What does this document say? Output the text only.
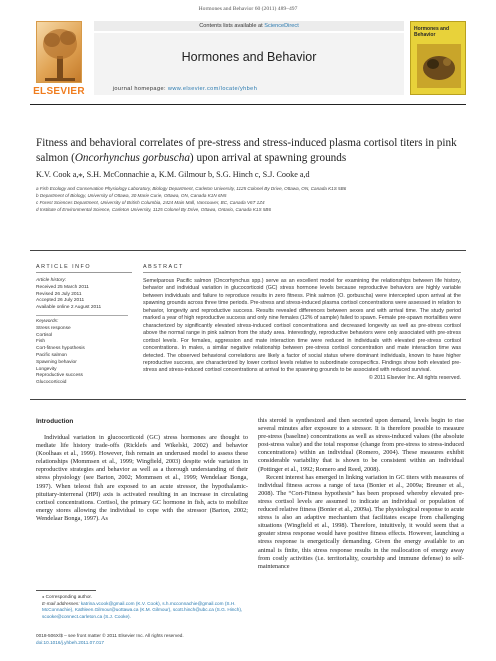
Hormones and Behavior 60 (2011) 489–497
ELSEVIER
Contents lists available at ScienceDirect
Hormones and Behavior
journal homepage: www.elsevier.com/locate/yhbeh
Hormones and Behavior
Fitness and behavioral correlates of pre-stress and stress-induced plasma cortisol titers in pink salmon (Oncorhynchus gorbuscha) upon arrival at spawning grounds
K.V. Cook a,⁎, S.H. McConnachie a, K.M. Gilmour b, S.G. Hinch c, S.J. Cooke a,d
a Fish Ecology and Conservation Physiology Laboratory, Biology Department, Carleton University, 1125 Colonel By Drive, Ottawa, ON, Canada K1S 5B6
b Department of Biology, University of Ottawa, 30 Marie Curie, Ottawa, ON, Canada K1N 6N5
c Forest Sciences Department, University of British Columbia, 2424 Main Mall, Vancouver, BC, Canada V6T 1Z4
d Institute of Environmental Science, Carleton University, 1125 Colonel By Drive, Ottawa, Ontario, Canada K1S 5B6
ARTICLE INFO	ABSTRACT
Article history:
Received 25 March 2011
Revised 26 July 2011
Accepted 26 July 2011
Available online 2 August 2011
Keywords:
Stress response
Cortisol
Fish
Cort-fitness hypothesis
Pacific salmon
Spawning behavior
Longevity
Reproductive success
Glucocorticoid
Semelparous Pacific salmon (Oncorhynchus spp.) serve as an excellent model for examining the relationships between life history, behavior and individual variation in glucocorticoid (GC) stress hormone levels because reproductive behaviors are highly variable between individuals and failure to reproduce results in zero fitness. Pink salmon (O. gorbuscha) were intercepted upon arrival at the spawning grounds across three time periods. Pre-stress and stress-induced plasma cortisol concentrations were assessed in relation to behavior, longevity and reproductive success. Results revealed differences between sexes and with arrival time. The study period marked a year of high reproductive success and only nine females (12% of sample) failed to spawn. Female pre-spawn mortalities were characterized by significantly elevated stress-induced cortisol concentrations and decreased longevity as well as pre-stress cortisol above the normal range in pink salmon from the study area. Interestingly, reproductive behaviors were only associated with pre-stress cortisol levels. For females, aggression and mate interaction time were reduced in individuals with elevated pre-stress cortisol concentrations. In males, a similar negative relationship between pre-stress cortisol concentration and mate interaction time was detected. The observed behavioral correlations are likely a factor of social status where dominant individuals, known to have higher reproductive success, are characterized by lower cortisol levels relative to subordinate conspecifics. Findings show both elevated pre-stress and stress-induced cortisol concentrations at arrival to the spawning grounds to be associated with reduced survival.
© 2011 Elsevier Inc. All rights reserved.
Introduction
Individual variation in glucocorticoid (GC) stress hormones are thought to mediate life history trade-offs (Ricklefs and Wikelski, 2002) and behavior (Koolhaas et al., 1999). However, fish remain an underused model to assess these relationships (Mommsen et al., 1999; Wingfield, 2003) despite wide variation in reproductive strategies and behavior as well as a thorough understanding of their stress physiology (see Barton, 2002; Mommsen et al., 1999; Wendelaar Bonga, 1997). When teleost fish are exposed to an acute stressor, the hypothalamic-pituitary-interrenal (HPI) axis is activated resulting in an increase in circulating cortisol concentrations. Cortisol, the primary GC hormone in fish, acts to mobilize energy stores allowing the individual to cope with the stressor (Barton, 2002; Wendelaar Bonga, 1997). As
this steroid is synthesized and then secreted upon demand, levels begin to rise several minutes after exposure to a stressor. It is therefore possible to measure pre-stress (baseline) concentrations as well as stress-induced values (the absolute post-stress value) and the total response (change from pre-stress to stress-induced concentrations) within an individual (Romero, 2004). These measures exhibit considerable variability that is shown to be consistent within an individual (Pottinger et al., 1992; Romero and Reed, 2008).
Recent interest has emerged in linking variation in GC titers with measures of individual fitness across a range of taxa (Bonier et al., 2009a; Breuner et al., 2008). The “Cort-Fitness hypothesis” has been proposed whereby elevated pre-stress cortisol levels are assumed to indicate an individual or population of reduced relative fitness (Bonier et al., 2009a). The physiological response to acute stress is also an adaptive mechanism that facilitates escape from challenging situations (Wingfield et al., 1998). Therefore, intuitively, it would seem that a greater stress response would have positive fitness effects. However, launching a stress response is energetically demanding. Given the energy available to an animal is finite, this stress response results in the reallocation of energy away from costly activities (i.e. territoriality, courtship and immune defense) to self-maintenance
⁎ Corresponding author.
E-mail addresses: katrina.vcook@gmail.com (K.V. Cook), s.h.mcconnachie@gmail.com (S.H. McConnachie), Kathleen.Gilmour@uottawa.ca (K.M. Gilmour), scott.hinch@ubc.ca (S.G. Hinch), scooke@connect.carleton.ca (S.J. Cooke).
0018-506X/$ – see front matter © 2011 Elsevier Inc. All rights reserved.
doi:10.1016/j.yhbeh.2011.07.017
